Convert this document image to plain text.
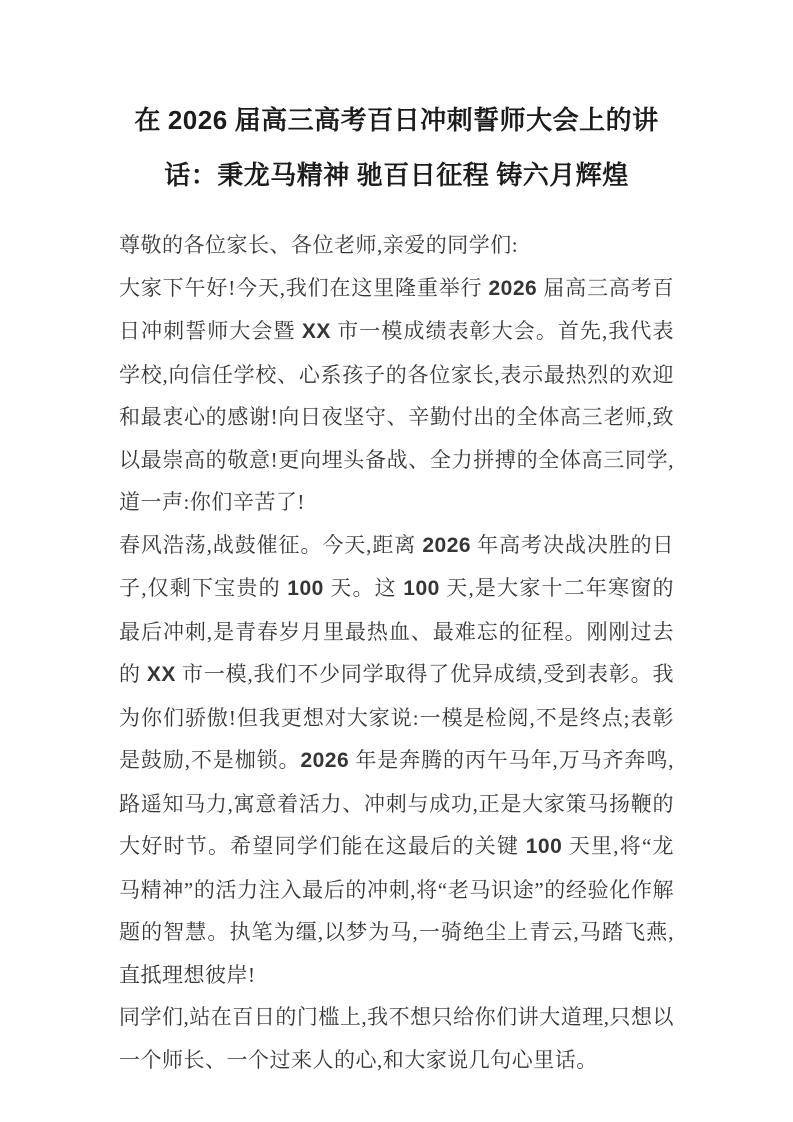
在 2026 届高三高考百日冲刺誓师大会上的讲话：秉龙马精神 驰百日征程 铸六月辉煌

尊敬的各位家长、各位老师,亲爱的同学们:

大家下午好!今天,我们在这里隆重举行 2026 届高三高考百日冲刺誓师大会暨 XX 市一模成绩表彰大会。首先,我代表学校,向信任学校、心系孩子的各位家长,表示最热烈的欢迎和最衷心的感谢!向日夜坚守、辛勤付出的全体高三老师,致以最崇高的敬意!更向埋头备战、全力拼搏的全体高三同学,道一声:你们辛苦了!

春风浩荡,战鼓催征。今天,距离 2026 年高考决战决胜的日子,仅剩下宝贵的 100 天。这 100 天,是大家十二年寒窗的最后冲刺,是青春岁月里最热血、最难忘的征程。刚刚过去的 XX 市一模,我们不少同学取得了优异成绩,受到表彰。我为你们骄傲!但我更想对大家说:一模是检阅,不是终点;表彰是鼓励,不是枷锁。2026 年是奔腾的丙午马年,万马齐奔鸣,路遥知马力,寓意着活力、冲刺与成功,正是大家策马扬鞭的大好时节。希望同学们能在这最后的关键 100 天里,将“龙马精神”的活力注入最后的冲刺,将“老马识途”的经验化作解题的智慧。执笔为缰,以梦为马,一骑绝尘上青云,马踏飞燕,直抵理想彼岸!

同学们,站在百日的门槛上,我不想只给你们讲大道理,只想以一个师长、一个过来人的心,和大家说几句心里话。
